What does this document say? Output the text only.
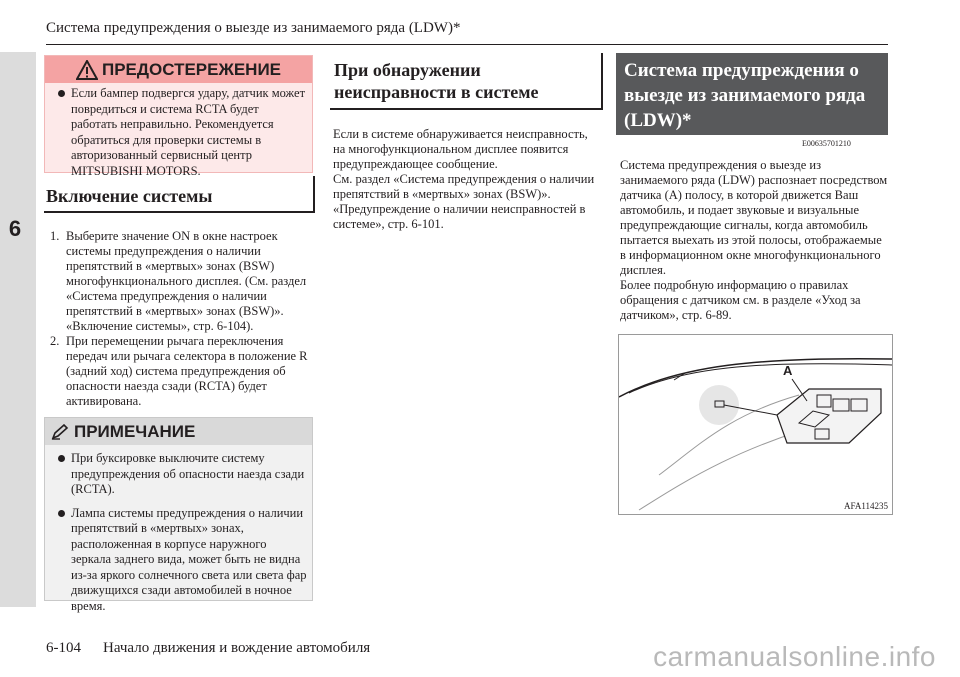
6
Система предупреждения о выезде из занимаемого ряда (LDW)*
ПРЕДОСТЕРЕЖЕНИЕ
Если бампер подвергся удару, датчик может повредиться и система RCTA будет работать неправильно. Рекомендуется обратиться для проверки системы в авторизованный сервисный центр MITSUBISHI MOTORS.
Включение системы
1. Выберите значение ON в окне настроек системы предупреждения о наличии препятствий в «мертвых» зонах (BSW) многофункционального дисплея. (См. раздел «Система предупреждения о наличии препятствий в «мертвых» зонах (BSW)». «Включение системы», стр. 6-104).
2. При перемещении рычага переключения передач или рычага селектора в положение R (задний ход) система предупреждения об опасности наезда сзади (RCTA) будет активирована.
ПРИМЕЧАНИЕ
При буксировке выключите систему предупреждения об опасности наезда сзади (RCTA).
Лампа системы предупреждения о наличии препятствий в «мертвых» зонах, расположенная в корпусе наружного зеркала заднего вида, может быть не видна из-за яркого солнечного света или света фар движущихся сзади автомобилей в ночное время.
При обнаружении неисправности в системе

Если в системе обнаруживается неисправность, на многофункциональном дисплее появится предупреждающее сообщение.

См. раздел «Система предупреждения о наличии препятствий в «мертвых» зонах (BSW)». «Предупреждение о наличии неисправностей в системе», стр. 6-101.

Система предупреждения о выезде из занимаемого ряда (LDW)*
E00635701210

Система предупреждения о выезде из занимаемого ряда (LDW) распознает посредством датчика (A) полосу, в которой движется Ваш автомобиль, и подает звуковые и визуальные предупреждающие сигналы, когда автомобиль пытается выехать из этой полосы, отображаемые в информационном окне многофункционального дисплея.

Более подробную информацию о правилах обращения с датчиком см. в разделе «Уход за датчиком», стр. 6-89.

A
AFA114235
6-104 Начало движения и вождение автомобиля	carmanualsonline.info
